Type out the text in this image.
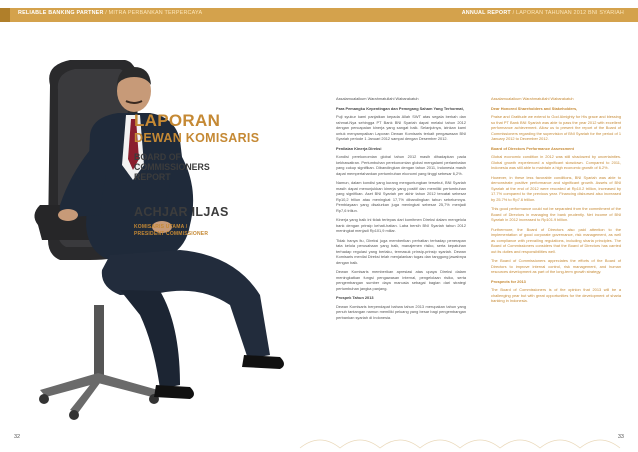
RELIABLE BANKING PARTNER / MITRA PERBANKAN TERPERCAYA	ANNUAL REPORT / LAPORAN TAHUNAN 2012 BNI SYARIAH
LAPORAN
DEWAN KOMISARIS
BOARD OF
COMMISSIONERS
REPORT
ACHJAR ILJAS
KOMISARIS UTAMA /
PRESIDENT COMMISSIONER

Assalamualaikum Warahmatullahi Wabarakatuh

Para Pemangku Kepentingan dan Pemegang Saham Yang Terhormat,

Puji syukur kami panjatkan kepada Allah SWT atas segala berkah dan rahmat-Nya sehingga PT Bank BNI Syariah dapat melalui tahun 2012 dengan pencapaian kinerja yang sangat baik. Selanjutnya, izinkan kami untuk menyampaikan Laporan Dewan Komisaris terkait pengawasan BNI Syariah periode 1 Januari 2012 sampai dengan Desember 2012.

Penilaian Kinerja Direksi

Kondisi perekonomian global tahun 2012 masih dihadapkan pada kekhawatiran. Pertumbuhan perekonomian global mengalami perlambatan yang cukup signifikan. Dibandingkan dengan tahun 2011, Indonesia masih dapat mempertahankan pertumbuhan ekonomi yang tinggi sebesar 6,2%.

Namun, dalam kondisi yang kurang menguntungkan tersebut, BNI Syariah masih dapat menunjukkan kinerja yang positif dan memiliki pertumbuhan yang signifikan. Aset BNI Syariah per akhir tahun 2012 tercatat sebesar Rp10,2 triliun atau meningkat 17,7% dibandingkan tahun sebelumnya. Pembiayaan yang disalurkan juga meningkat sebesar 25,7% menjadi Rp7,6 triliun.

Kinerja yang baik ini tidak terlepas dari komitmen Direksi dalam mengelola bank dengan prinsip kehati-hatian. Laba bersih BNI Syariah tahun 2012 meningkat menjadi Rp101,9 miliar.

Tidak hanya itu, Direksi juga memberikan perhatian terhadap penerapan tata kelola perusahaan yang baik, manajemen risiko, serta kepatuhan terhadap regulasi yang berlaku, termasuk prinsip-prinsip syariah. Dewan Komisaris menilai Direksi telah menjalankan tugas dan tanggung jawabnya dengan baik.

Dewan Komisaris memberikan apresiasi atas upaya Direksi dalam meningkatkan fungsi pengawasan internal, pengelolaan risiko, serta pengembangan sumber daya manusia sebagai bagian dari strategi pertumbuhan jangka panjang.

Prospek Tahun 2013

Dewan Komisaris berpendapat bahwa tahun 2013 merupakan tahun yang penuh tantangan namun memiliki peluang yang besar bagi pengembangan perbankan syariah di Indonesia.

Assalamualaikum Warahmatullahi Wabarakatuh

Dear Honored Shareholders and Stakeholders,

Praise and Gratitude we extend to God Almighty for His grace and blessing so that PT Bank BNI Syariah was able to pass the year 2012 with excellent performance achievement. Allow us to present the report of the Board of Commissioners regarding the supervision of BNI Syariah for the period of 1 January 2012 to December 2012.

Board of Directors Performance Assessment

Global economic condition in 2012 was still shadowed by uncertainties. Global growth experienced a significant slowdown. Compared to 2011, Indonesia was still able to maintain a high economic growth of 6.2%.

However, in these less favorable conditions, BNI Syariah was able to demonstrate positive performance and significant growth. Assets of BNI Syariah at the end of 2012 were recorded at Rp10.2 trillion, increased by 17.7% compared to the previous year. Financing disbursed also increased by 25.7% to Rp7.6 trillion.

This good performance could not be separated from the commitment of the Board of Directors in managing the bank prudently. Net income of BNI Syariah in 2012 increased to Rp101.9 billion.

Furthermore, the Board of Directors also paid attention to the implementation of good corporate governance, risk management, as well as compliance with prevailing regulations, including sharia principles. The Board of Commissioners considers that the Board of Directors has carried out its duties and responsibilities well.

The Board of Commissioners appreciates the efforts of the Board of Directors to improve internal control, risk management, and human resources development as part of the long-term growth strategy.

Prospects for 2013

The Board of Commissioners is of the opinion that 2013 will be a challenging year but with great opportunities for the development of sharia banking in Indonesia.

32	33
